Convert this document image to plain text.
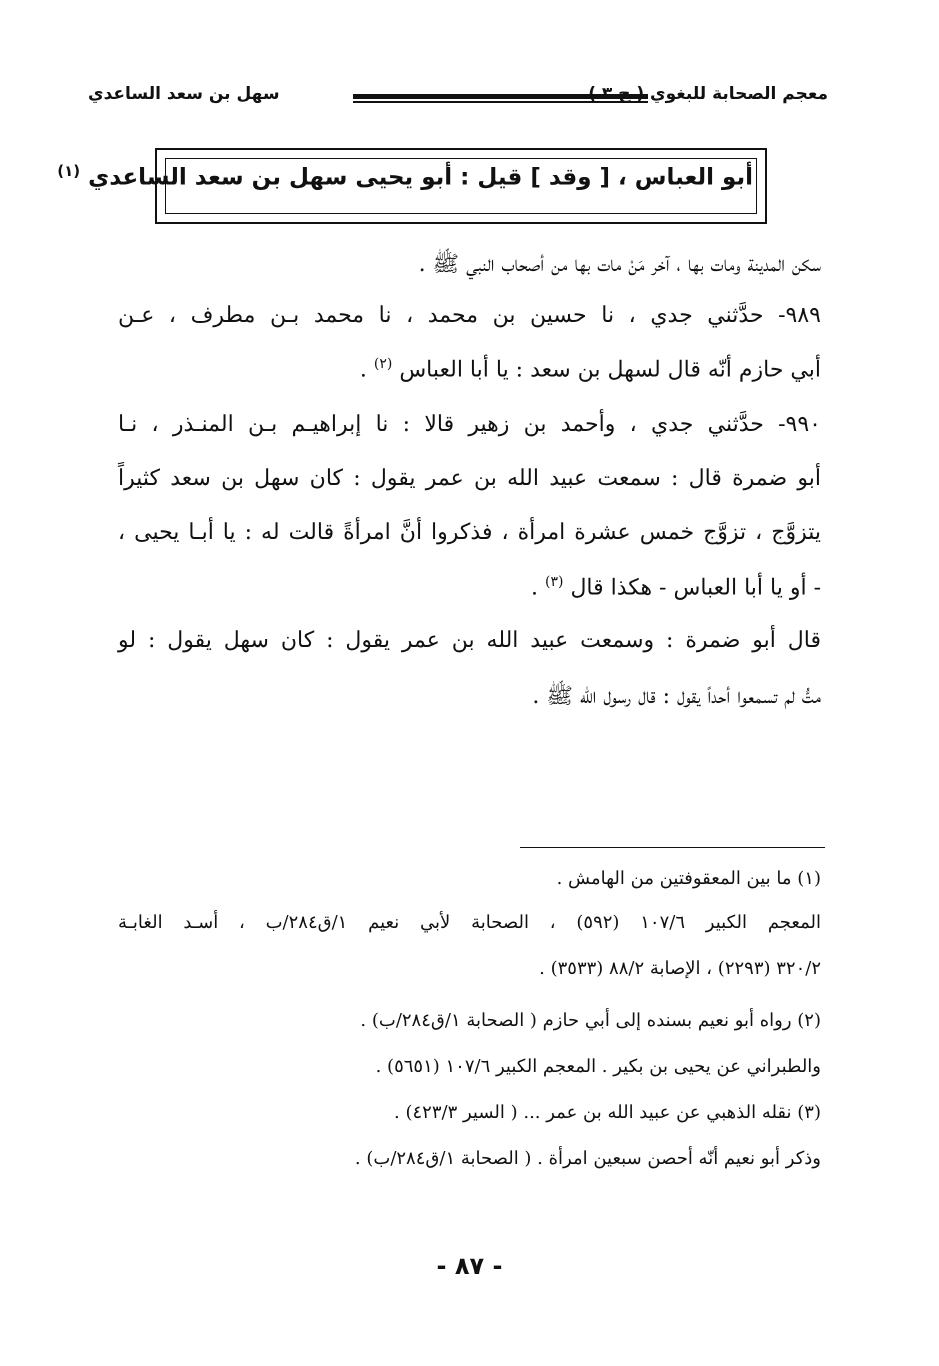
سهل بن سعد الساعدي	معجم الصحابة للبغوي ( ج ٣ )
أبو العباس ، [ وقد ] قيل : أبو يحيى سهل بن سعد الساعدي $^{(١)}$
سكن المدينة ومات بها ، آخر مَنْ مات بها من أصحاب النبي ﷺ .
٩٨٩- حدَّثني جدي ، نا حسين بن محمد ، نا محمد بـن مطرف ، عـن
أبي حازم أنّه قال لسهل بن سعد : يا أبا العباس $^{(٢)}$ .
٩٩٠- حدَّثني جدي ، وأحمد بن زهير قالا : نا إبراهيـم بـن المنـذر ، نـا
أبو ضمرة قال : سمعت عبيد الله بن عمر يقول : كان سهل بن سعد كثيراً
يتزوَّج ، تزوَّج خمس عشرة امرأة ، فذكروا أنَّ امرأةً قالت له : يا أبـا يحيى ،
- أو يا أبا العباس - هكذا قال $^{(٣)}$ .
قال أبو ضمرة : وسمعت عبيد الله بن عمر يقول : كان سهل يقول : لو
متُّ لم تسمعوا أحداً يقول : قال رسول الله ﷺ .
(١) ما بين المعقوفتين من الهامش .
المعجم الكبير ١٠٧/٦ (٥٩٢) ، الصحابة لأبي نعيم ١/ق٢٨٤/ب ، أسـد الغابـة
٣٢٠/٢ (٢٢٩٣) ، الإصابة ٨٨/٢ (٣٥٣٣) .
(٢) رواه أبو نعيم بسنده إلى أبي حازم ( الصحابة ١/ق٢٨٤/ب) .
والطبراني عن يحيى بن بكير . المعجم الكبير ١٠٧/٦ (٥٦٥١) .
(٣) نقله الذهبي عن عبيد الله بن عمر ... ( السير ٤٢٣/٣) .
وذكر أبو نعيم أنّه أحصن سبعين امرأة . ( الصحابة ١/ق٢٨٤/ب) .
- ٨٧ -
